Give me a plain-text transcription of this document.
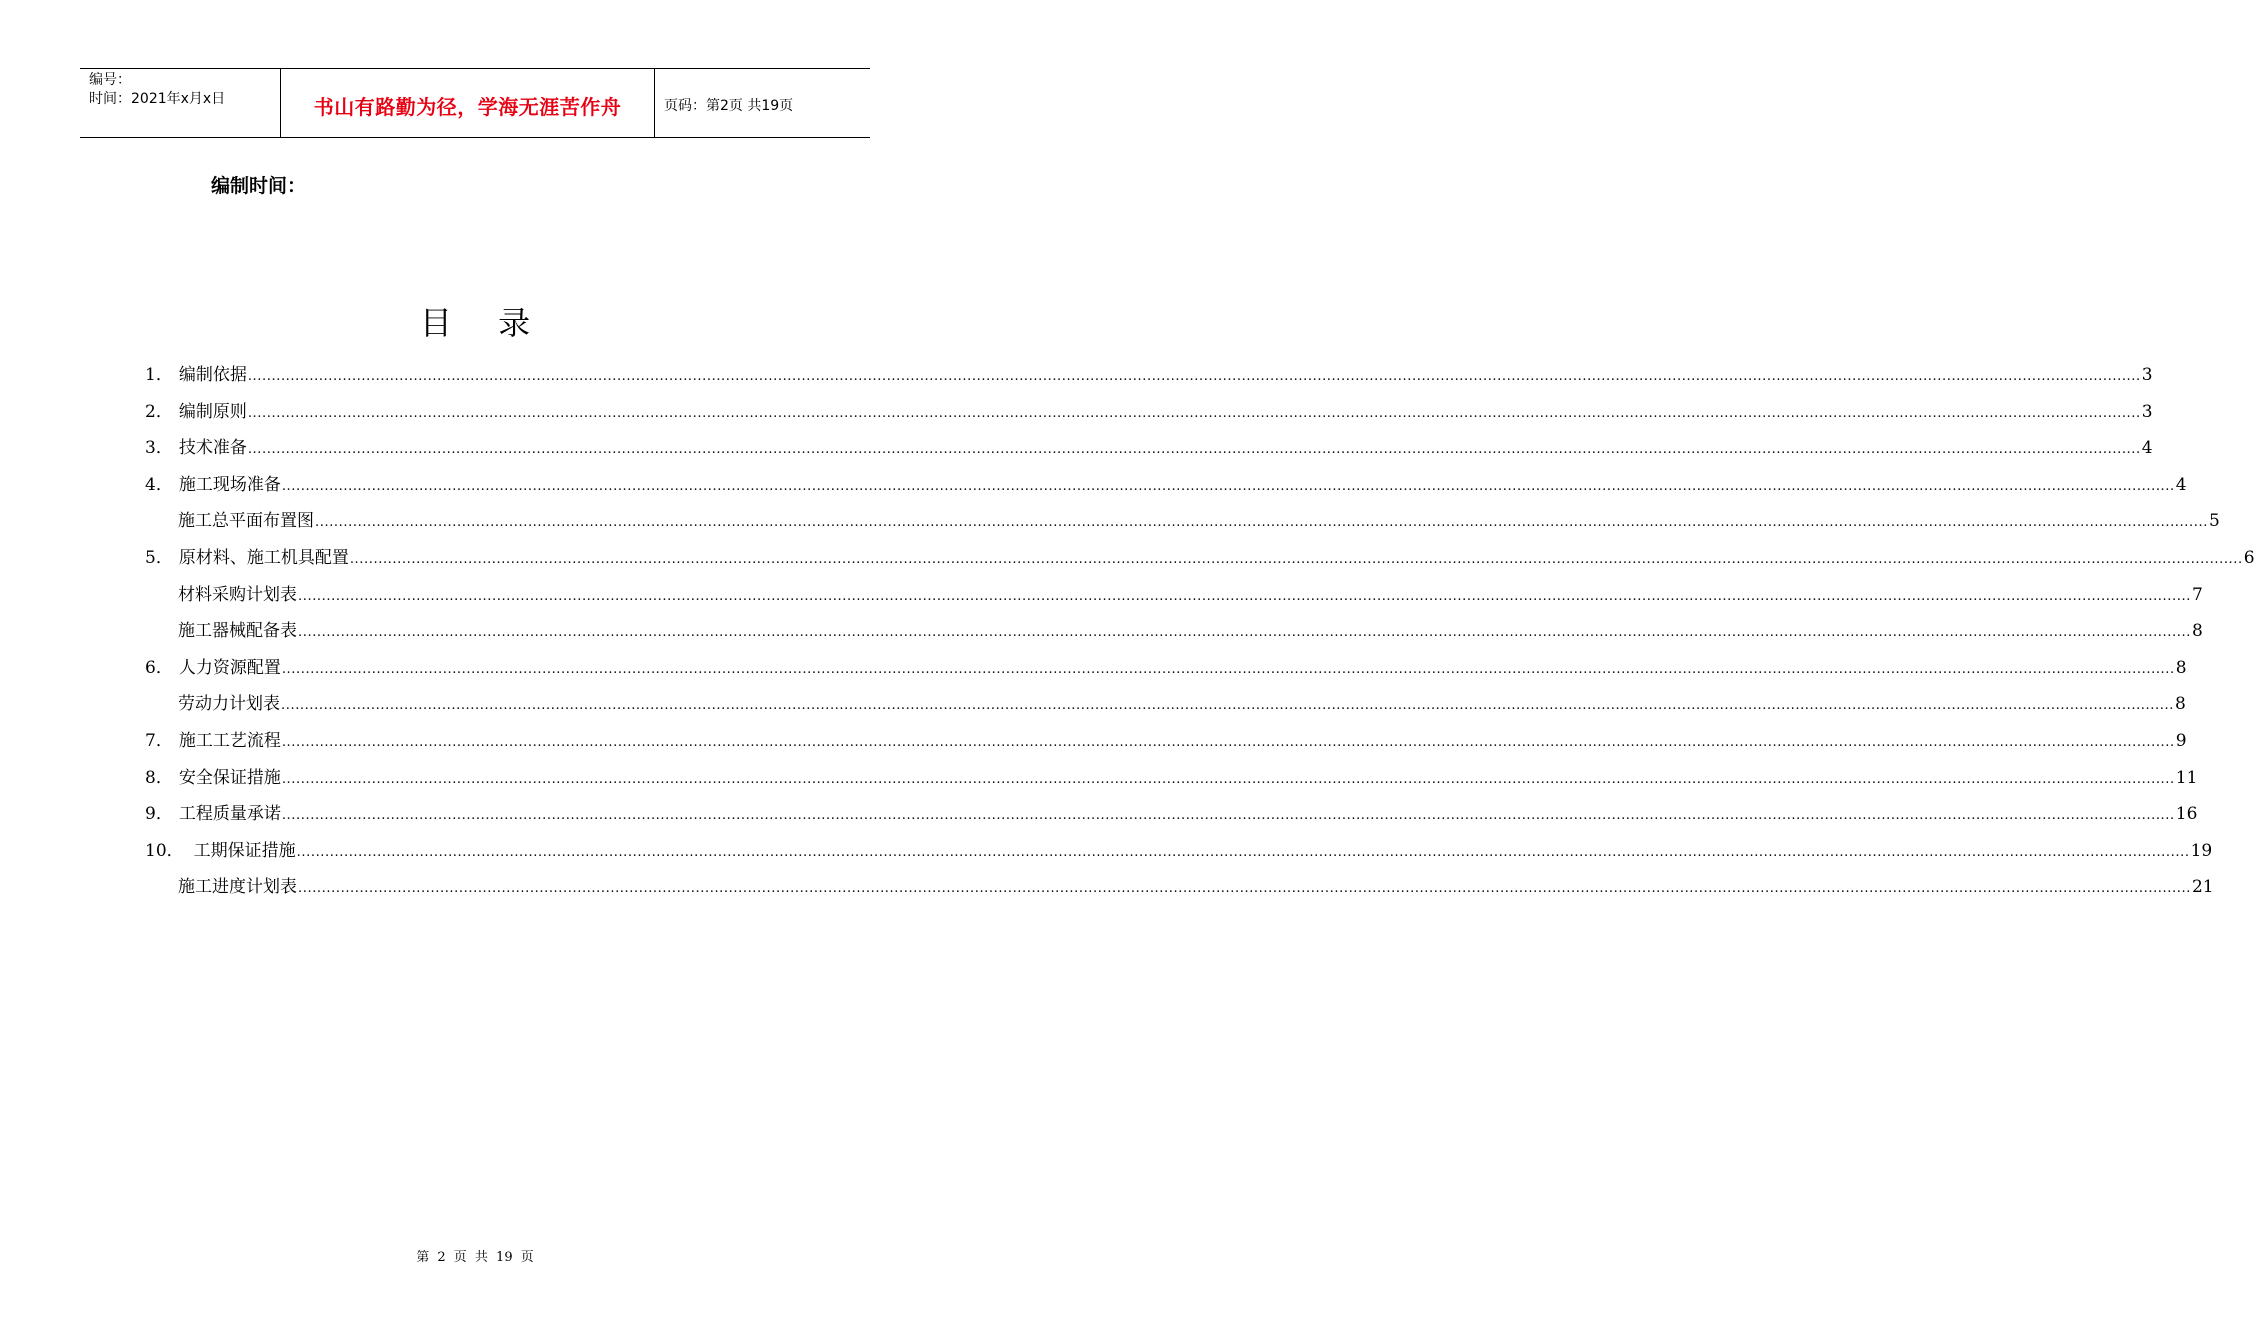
编号：
时间：2021年x月x日	书山有路勤为径，学海无涯苦作舟	页码：第2页 共19页
编制时间：
目 录
1． 编制依据 ................................................................................................................................................................................................................................................................................................................................................................................................................ 3
2． 编制原则 ................................................................................................................................................................................................................................................................................................................................................................................................................ 3
3． 技术准备 ................................................................................................................................................................................................................................................................................................................................................................................................................ 4
4． 施工现场准备 ................................................................................................................................................................................................................................................................................................................................................................................................................ 4
施工总平面布置图 ................................................................................................................................................................................................................................................................................................................................................................................................................ 5
5． 原材料、施工机具配置 ................................................................................................................................................................................................................................................................................................................................................................................................................ 6
材料采购计划表 ................................................................................................................................................................................................................................................................................................................................................................................................................ 7
施工器械配备表 ................................................................................................................................................................................................................................................................................................................................................................................................................ 8
6． 人力资源配置 ................................................................................................................................................................................................................................................................................................................................................................................................................ 8
劳动力计划表 ................................................................................................................................................................................................................................................................................................................................................................................................................ 8
7． 施工工艺流程 ................................................................................................................................................................................................................................................................................................................................................................................................................ 9
8． 安全保证措施 ................................................................................................................................................................................................................................................................................................................................................................................................................ 11
9． 工程质量承诺 ................................................................................................................................................................................................................................................................................................................................................................................................................ 16
10． 工期保证措施 ................................................................................................................................................................................................................................................................................................................................................................................................................ 19
施工进度计划表 ................................................................................................................................................................................................................................................................................................................................................................................................................ 21
第 2 页 共 19 页
